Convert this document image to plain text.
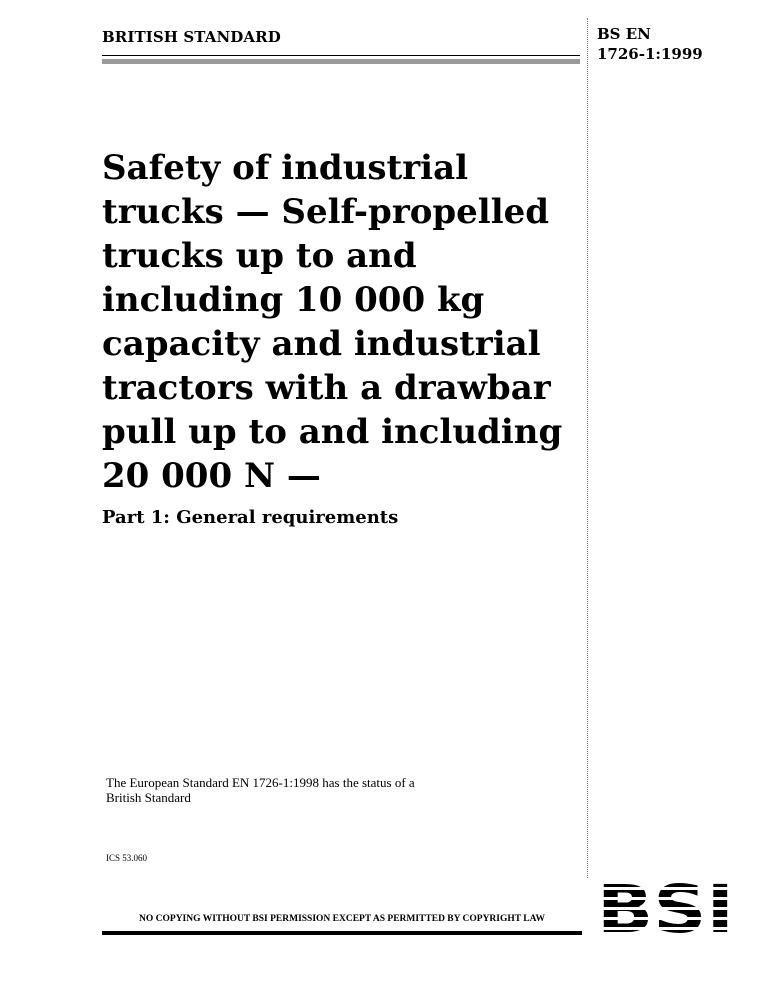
BRITISH STANDARD	BS EN
1726-1:1999
Safety of industrial trucks — Self-propelled trucks up to and including 10 000 kg capacity and industrial tractors with a drawbar pull up to and including 20 000 N —
Part 1: General requirements
The European Standard EN 1726-1:1998 has the status of a
British Standard
ICS 53.060
NO COPYING WITHOUT BSI PERMISSION EXCEPT AS PERMITTED BY COPYRIGHT LAW BSI
